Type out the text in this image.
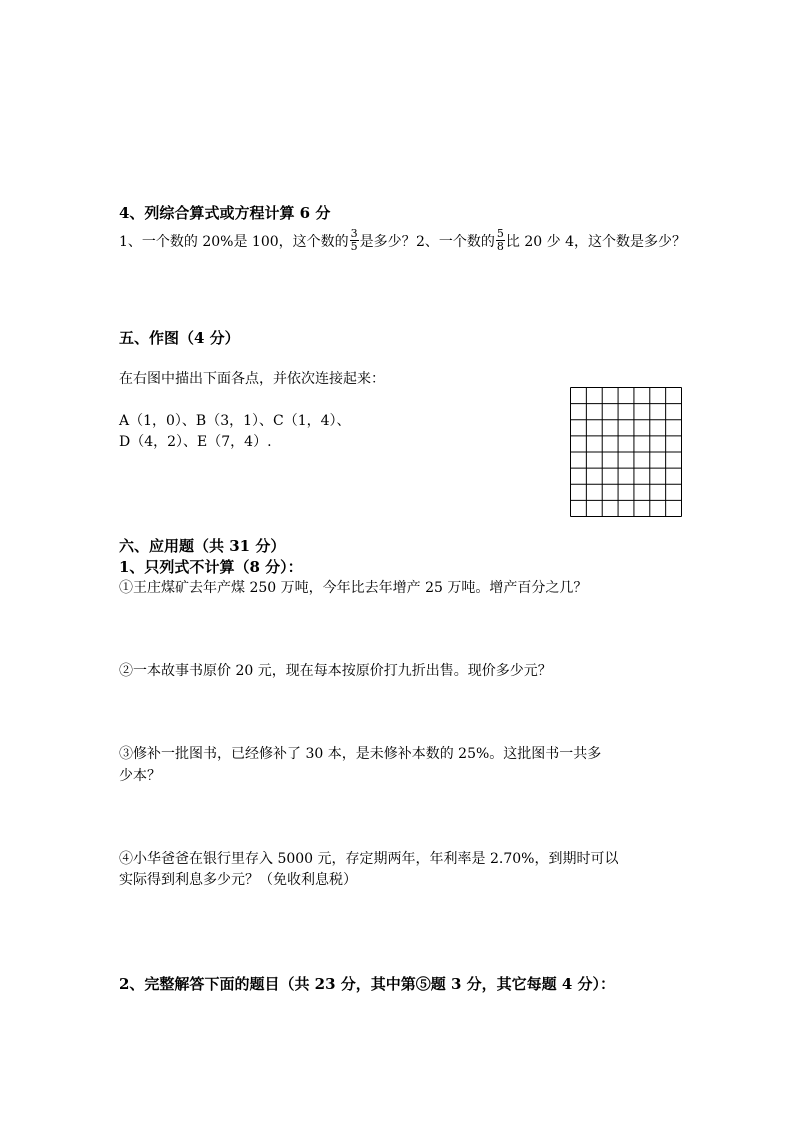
4、列综合算式或方程计算 6 分
1、一个数的 20%是 100，这个数的 $\frac{3}{5}$ 是多少？ 2、一个数的 $\frac{5}{8}$ 比 20 少 4，这个数是多少？
五、作图（4 分）
在右图中描出下面各点，并依次连接起来：
A（1，0）、B（3，1）、C（1，4）、
D（4，2）、E（7，4）.
六、应用题（共 31 分）
1、只列式不计算（8 分）：
①王庄煤矿去年产煤 250 万吨，今年比去年增产 25 万吨。增产百分之几？
②一本故事书原价 20 元，现在每本按原价打九折出售。现价多少元？
③修补一批图书，已经修补了 30 本，是未修补本数的 25%。这批图书一共多
少本？
④小华爸爸在银行里存入 5000 元，存定期两年，年利率是 2.70%，到期时可以
实际得到利息多少元？（免收利息税）
2、完整解答下面的题目（共 23 分，其中第⑤题 3 分，其它每题 4 分）：
